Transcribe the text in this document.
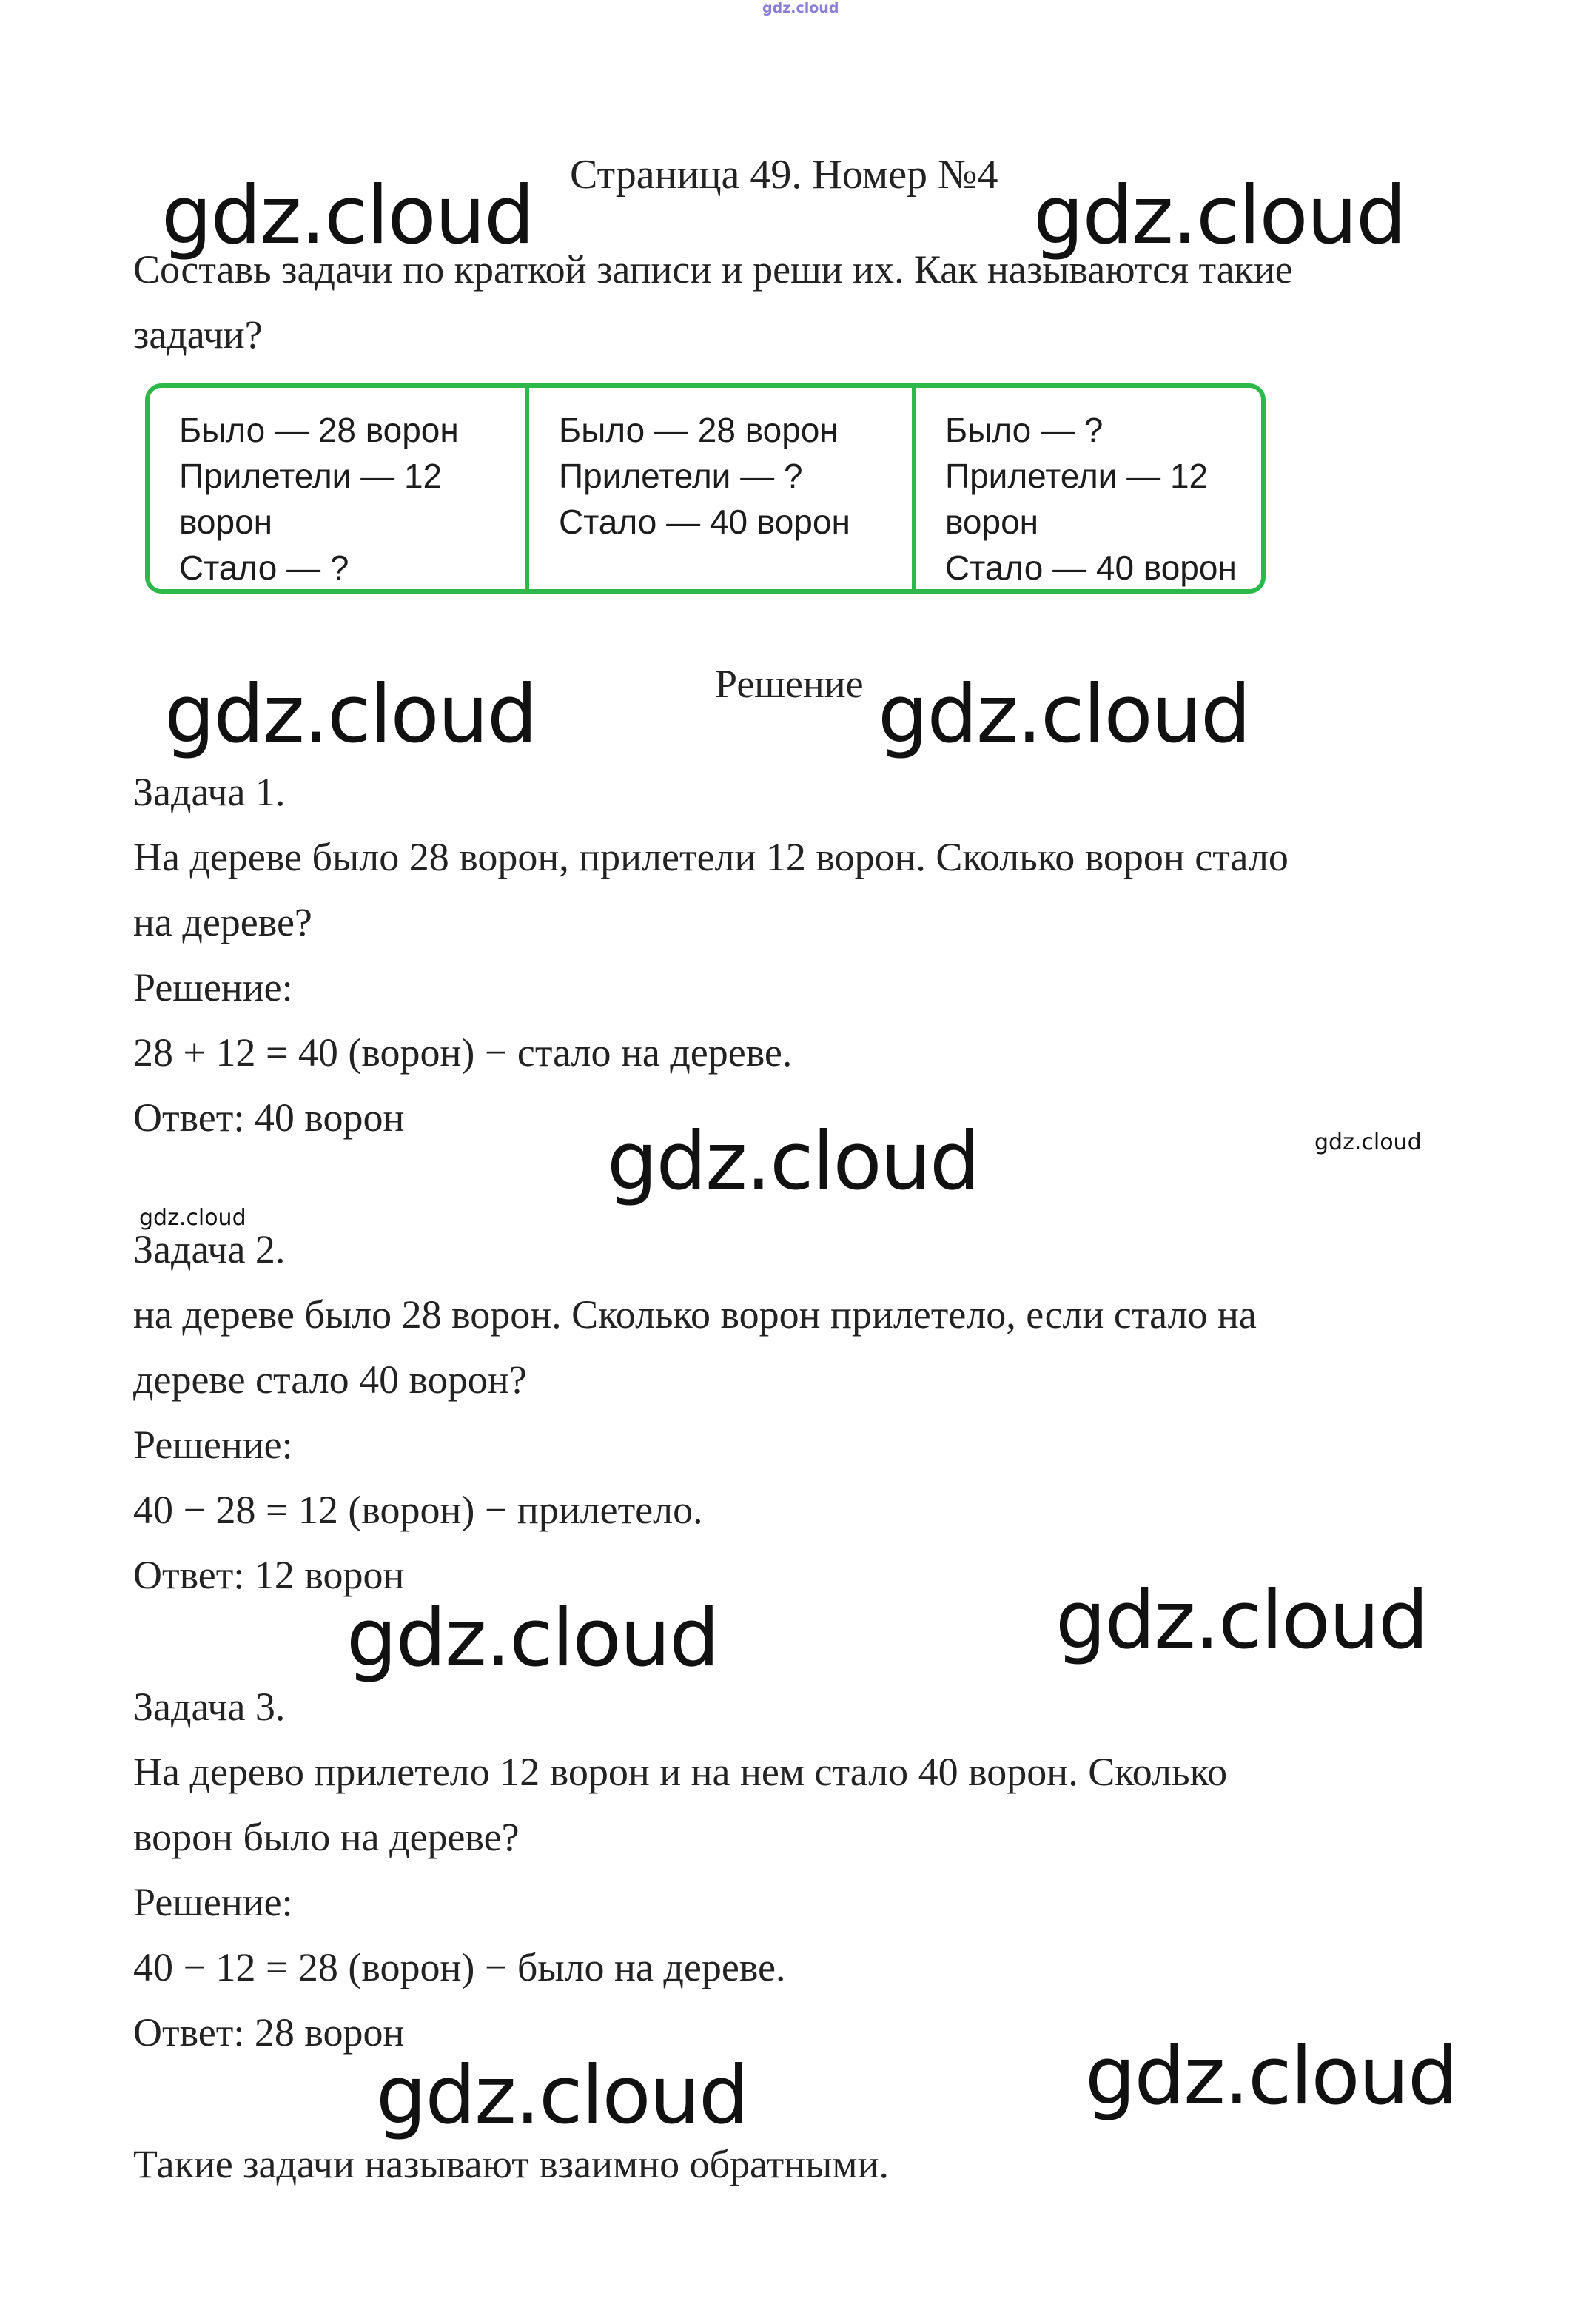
gdz.cloud
Страница 49. Номер №4
Составь задачи по краткой записи и реши их. Как называются такие
задачи?
Было — 28 ворон
Прилетели — 12
ворон
Стало — ?
Было — 28 ворон
Прилетели — ?
Стало — 40 ворон
Было — ?
Прилетели — 12
ворон
Стало — 40 ворон
Решение
Задача 1.
На дереве было 28 ворон, прилетели 12 ворон. Сколько ворон стало
на дереве?
Решение:
28 + 12 = 40 (ворон) − стало на дереве.
Ответ: 40 ворон
Задача 2.
на дереве было 28 ворон. Сколько ворон прилетело, если стало на
дереве стало 40 ворон?
Решение:
40 − 28 = 12 (ворон) − прилетело.
Ответ: 12 ворон
Задача 3.
На дерево прилетело 12 ворон и на нем стало 40 ворон. Сколько
ворон было на дереве?
Решение:
40 − 12 = 28 (ворон) − было на дереве.
Ответ: 28 ворон
Такие задачи называют взаимно обратными.
gdz.cloud	gdz.cloud
gdz.cloud	gdz.cloud
gdz.cloud	gdz.cloud
gdz.cloud
gdz.cloud
gdz.cloud
gdz.cloud
gdz.cloud
